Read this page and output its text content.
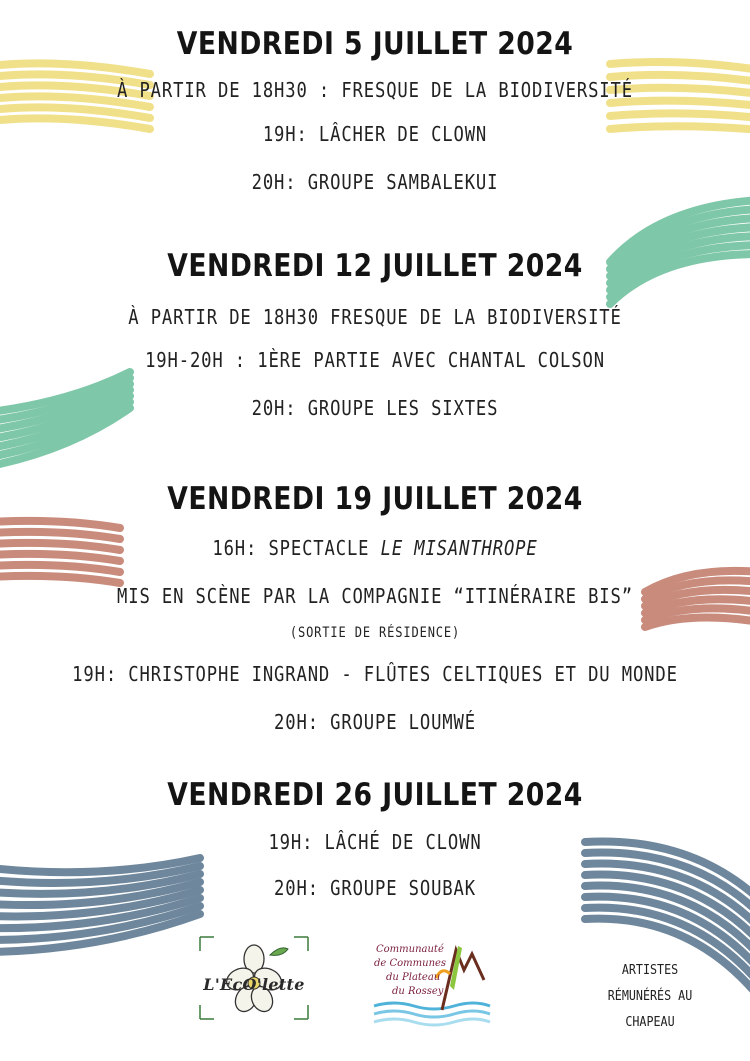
VENDREDI 5 JUILLET 2024
À PARTIR DE 18H30 : FRESQUE DE LA BIODIVERSITÉ
19H: LÂCHER DE CLOWN
20H: GROUPE SAMBALEKUI
VENDREDI 12 JUILLET 2024
À PARTIR DE 18H30 FRESQUE DE LA BIODIVERSITÉ
19H-20H : 1ÈRE PARTIE AVEC CHANTAL COLSON
20H: GROUPE LES SIXTES
VENDREDI 19 JUILLET 2024
16H: SPECTACLE LE MISANTHROPE
MIS EN SCÈNE PAR LA COMPAGNIE “ITINÉRAIRE BIS”
(SORTIE DE RÉSIDENCE)
19H: CHRISTOPHE INGRAND - FLÛTES CELTIQUES ET DU MONDE
20H: GROUPE LOUMWÉ
VENDREDI 26 JUILLET 2024
19H: LÂCHÉ DE CLOWN
20H: GROUPE SOUBAK
L'EcO'lette
Communauté
de Communes
du Plateau
du Rossey
ARTISTES
RÉMUNÉRÉS AU
CHAPEAU
